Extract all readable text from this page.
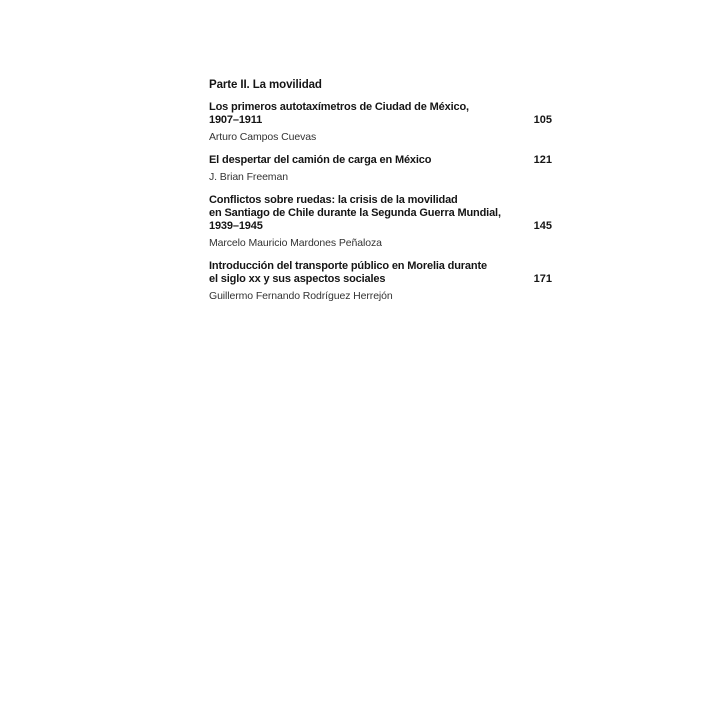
Parte II. La movilidad
Los primeros autotaxímetros de Ciudad de México,
1907–1911	105
Arturo Campos Cuevas
El despertar del camión de carga en México	121
J. Brian Freeman
Conflictos sobre ruedas: la crisis de la movilidad
en Santiago de Chile durante la Segunda Guerra Mundial,
1939–1945	145
Marcelo Mauricio Mardones Peñaloza
Introducción del transporte público en Morelia durante
el siglo xx y sus aspectos sociales	171
Guillermo Fernando Rodríguez Herrejón
